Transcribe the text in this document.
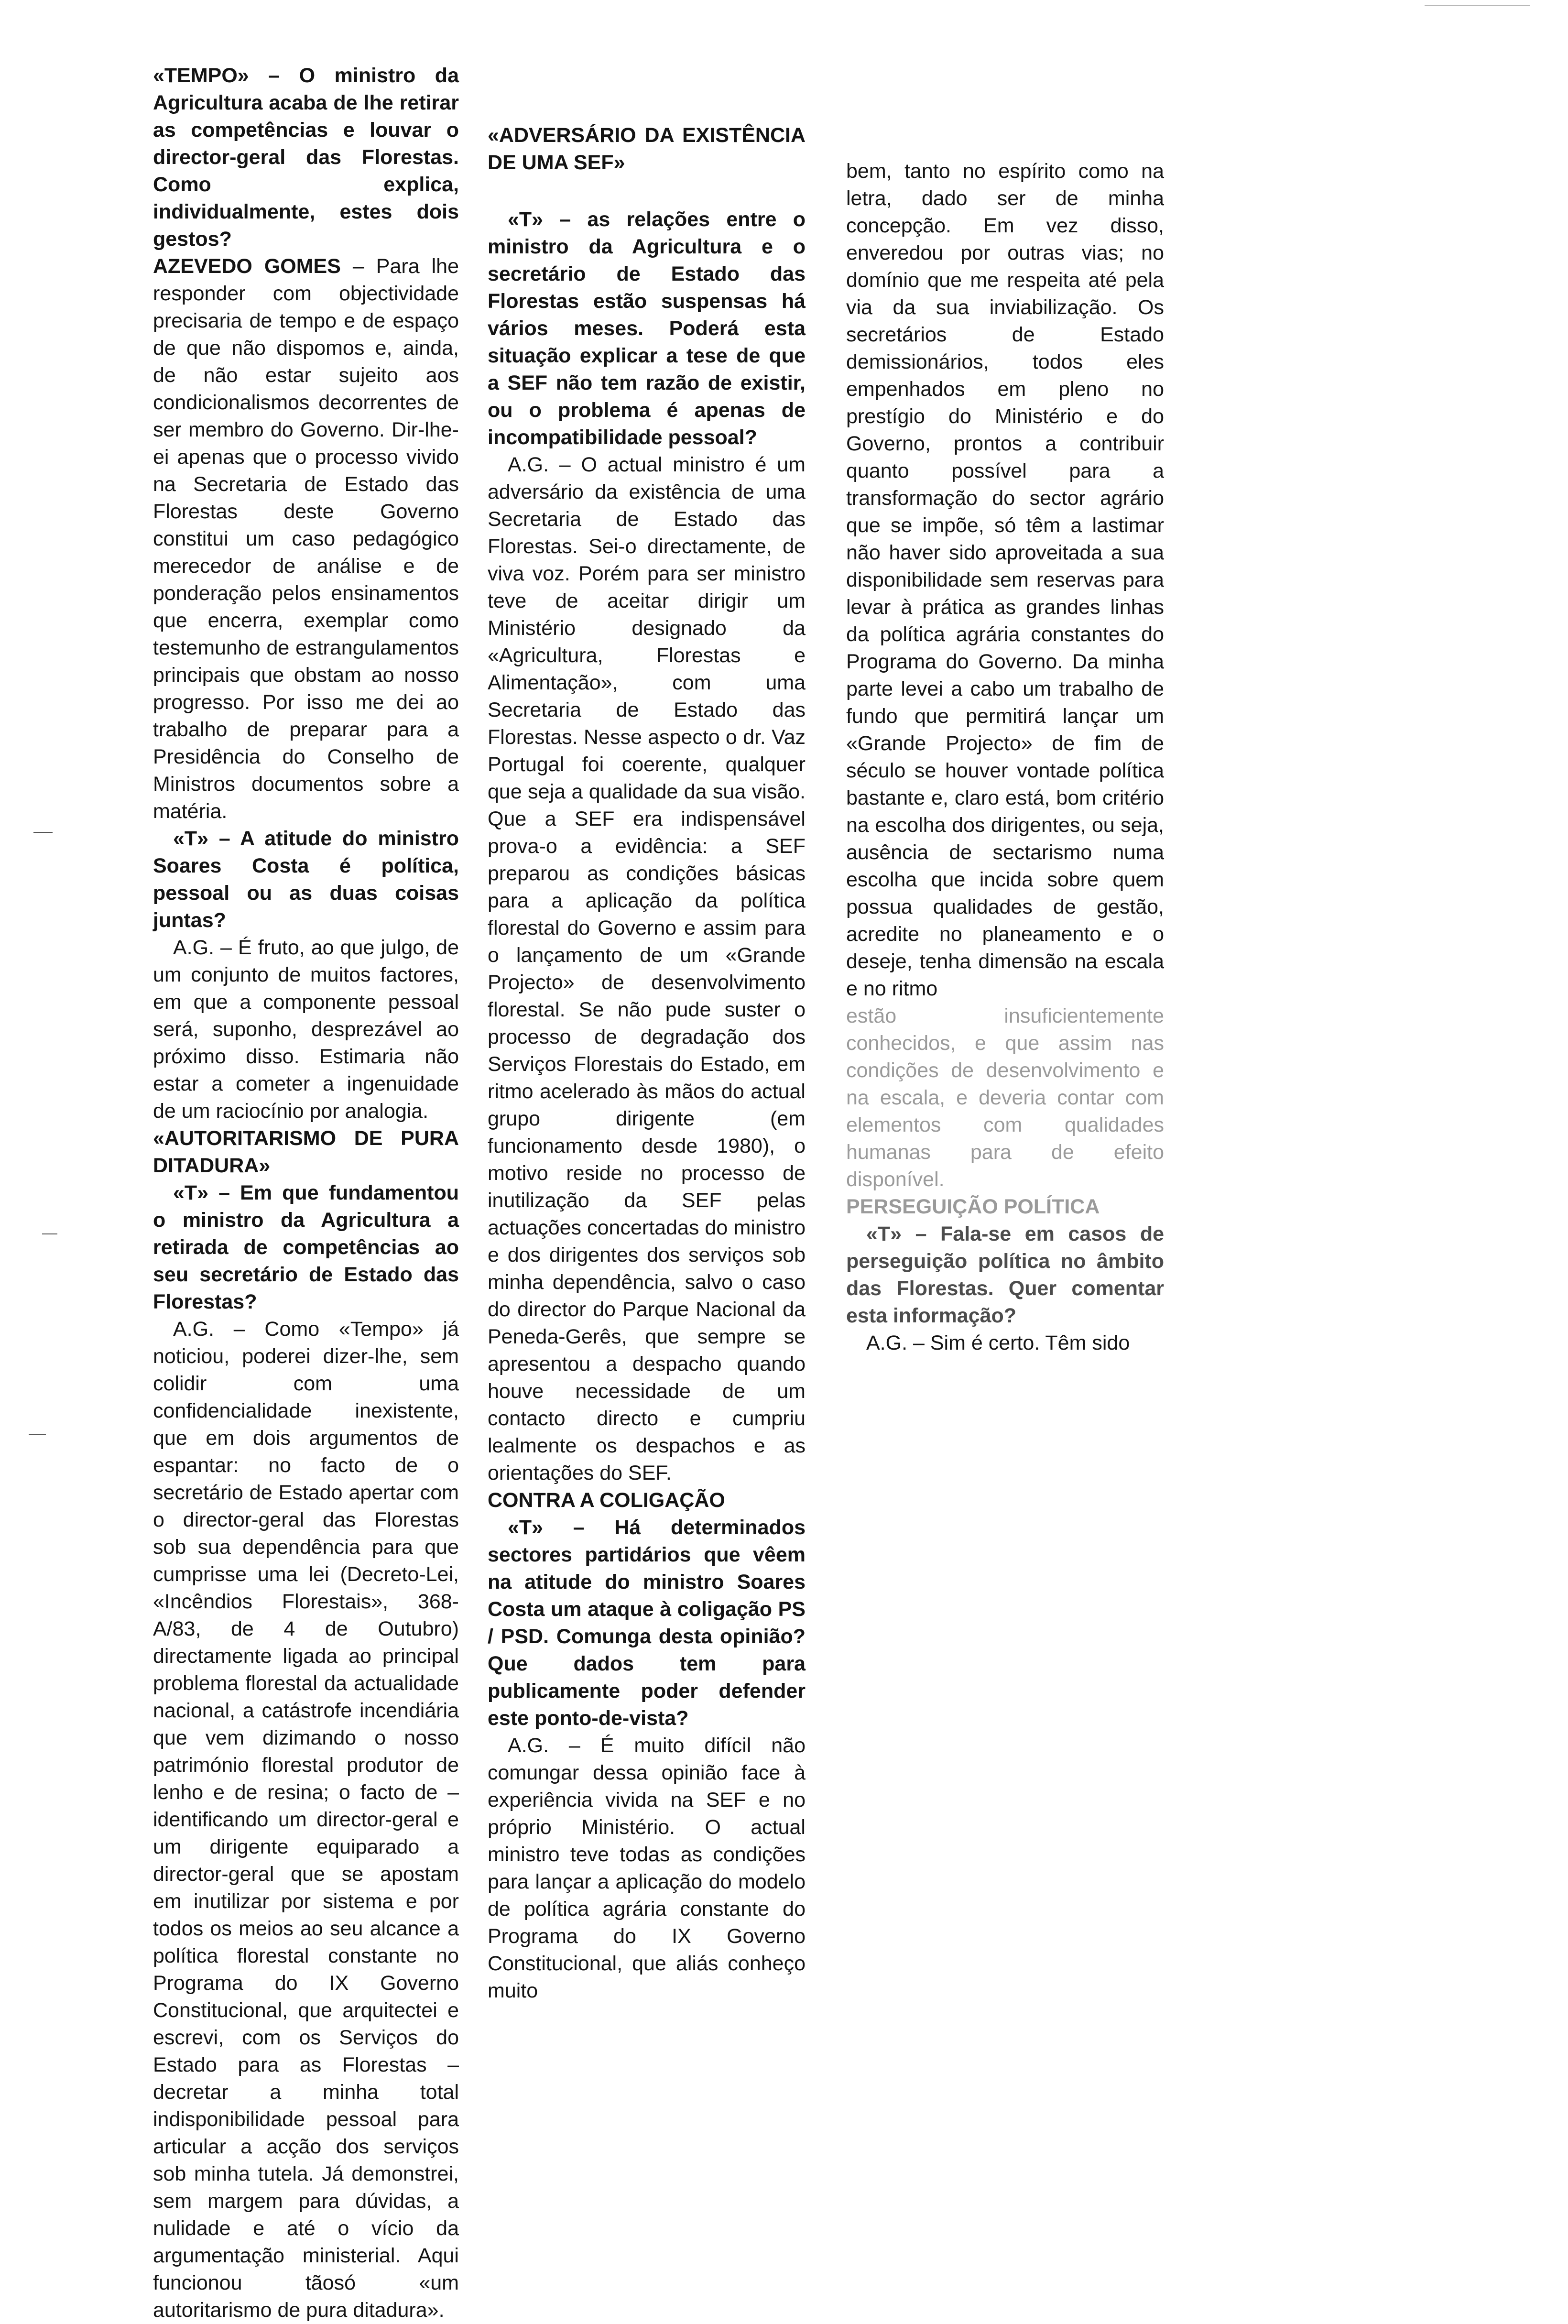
«TEMPO» – O ministro da Agricultura acaba de lhe retirar as competências e louvar o director-geral das Florestas. Como explica, individualmente, estes dois gestos?

AZEVEDO GOMES – Para lhe responder com objectividade precisaria de tempo e de espaço de que não dispomos e, ainda, de não estar sujeito aos condicionalismos decorrentes de ser membro do Governo. Dir-lhe-ei apenas que o processo vivido na Secretaria de Estado das Florestas deste Governo constitui um caso pedagógico merecedor de análise e de ponderação pelos ensinamentos que encerra, exemplar como testemunho de estrangulamentos principais que obstam ao nosso progresso. Por isso me dei ao trabalho de preparar para a Presidência do Conselho de Ministros documentos sobre a matéria.

«T» – A atitude do ministro Soares Costa é política, pessoal ou as duas coisas juntas?

A.G. – É fruto, ao que julgo, de um conjunto de muitos factores, em que a componente pessoal será, suponho, desprezável ao próximo disso. Estimaria não estar a cometer a ingenuidade de um raciocínio por analogia.

«AUTORITARISMO DE PURA DITADURA»

«T» – Em que fundamentou o ministro da Agricultura a retirada de competências ao seu secretário de Estado das Florestas?

A.G. – Como «Tempo» já noticiou, poderei dizer-lhe, sem colidir com uma confidencialidade inexistente, que em dois argumentos de espantar: no facto de o secretário de Estado apertar com o director-geral das Florestas sob sua dependência para que cumprisse uma lei (Decreto-Lei, «Incêndios Florestais», 368-A/83, de 4 de Outubro) directamente ligada ao principal problema florestal da actualidade nacional, a catástrofe incendiária que vem dizimando o nosso património florestal produtor de lenho e de resina; o facto de – identificando um director-geral e um dirigente equiparado a director-geral que se apostam em inutilizar por sistema e por todos os meios ao seu alcance a política florestal constante no Programa do IX Governo Constitucional, que arquitectei e escrevi, com os Serviços do Estado para as Florestas – decretar a minha total indisponibilidade pessoal para articular a acção dos serviços sob minha tutela. Já demonstrei, sem margem para dúvidas, a nulidade e até o vício da argumentação ministerial. Aqui funcionou tãosó «um autoritarismo de pura ditadura».

«ADVERSÁRIO DA EXISTÊNCIA DE UMA SEF»

«T» – as relações entre o ministro da Agricultura e o secretário de Estado das Florestas estão suspensas há vários meses. Poderá esta situação explicar a tese de que a SEF não tem razão de existir, ou o problema é apenas de incompatibilidade pessoal?

A.G. – O actual ministro é um adversário da existência de uma Secretaria de Estado das Florestas. Sei-o directamente, de viva voz. Porém para ser ministro teve de aceitar dirigir um Ministério designado da «Agricultura, Florestas e Alimentação», com uma Secretaria de Estado das Florestas. Nesse aspecto o dr. Vaz Portugal foi coerente, qualquer que seja a qualidade da sua visão. Que a SEF era indispensável prova-o a evidência: a SEF preparou as condições básicas para a aplicação da política florestal do Governo e assim para o lançamento de um «Grande Projecto» de desenvolvimento florestal. Se não pude suster o processo de degradação dos Serviços Florestais do Estado, em ritmo acelerado às mãos do actual grupo dirigente (em funcionamento desde 1980), o motivo reside no processo de inutilização da SEF pelas actuações concertadas do ministro e dos dirigentes dos serviços sob minha dependência, salvo o caso do director do Parque Nacional da Peneda-Gerês, que sempre se apresentou a despacho quando houve necessidade de um contacto directo e cumpriu lealmente os despachos e as orientações do SEF.

CONTRA A COLIGAÇÃO

«T» – Há determinados sectores partidários que vêem na atitude do ministro Soares Costa um ataque à coligação PS / PSD. Comunga desta opinião? Que dados tem para publicamente poder defender este ponto-de-vista?

A.G. – É muito difícil não comungar dessa opinião face à experiência vivida na SEF e no próprio Ministério. O actual ministro teve todas as condições para lançar a aplicação do modelo de política agrária constante do Programa do IX Governo Constitucional, que aliás conheço muito

bem, tanto no espírito como na letra, dado ser de minha concepção. Em vez disso, enveredou por outras vias; no domínio que me respeita até pela via da sua inviabilização. Os secretários de Estado demissionários, todos eles empenhados em pleno no prestígio do Ministério e do Governo, prontos a contribuir quanto possível para a transformação do sector agrário que se impõe, só têm a lastimar não haver sido aproveitada a sua disponibilidade sem reservas para levar à prática as grandes linhas da política agrária constantes do Programa do Governo. Da minha parte levei a cabo um trabalho de fundo que permitirá lançar um «Grande Projecto» de fim de século se houver vontade política bastante e, claro está, bom critério na escolha dos dirigentes, ou seja, ausência de sectarismo numa escolha que incida sobre quem possua qualidades de gestão, acredite no planeamento e o deseje, tenha dimensão na escala e no ritmo

estão insuficientemente conhecidos, e que assim nas condições de desenvolvimento e na escala, e deveria contar com elementos com qualidades humanas para de efeito disponível.

PERSEGUIÇÃO POLÍTICA

«T» – Fala-se em casos de perseguição política no âmbito das Florestas. Quer comentar esta informação?

A.G. – Sim é certo. Têm sido
